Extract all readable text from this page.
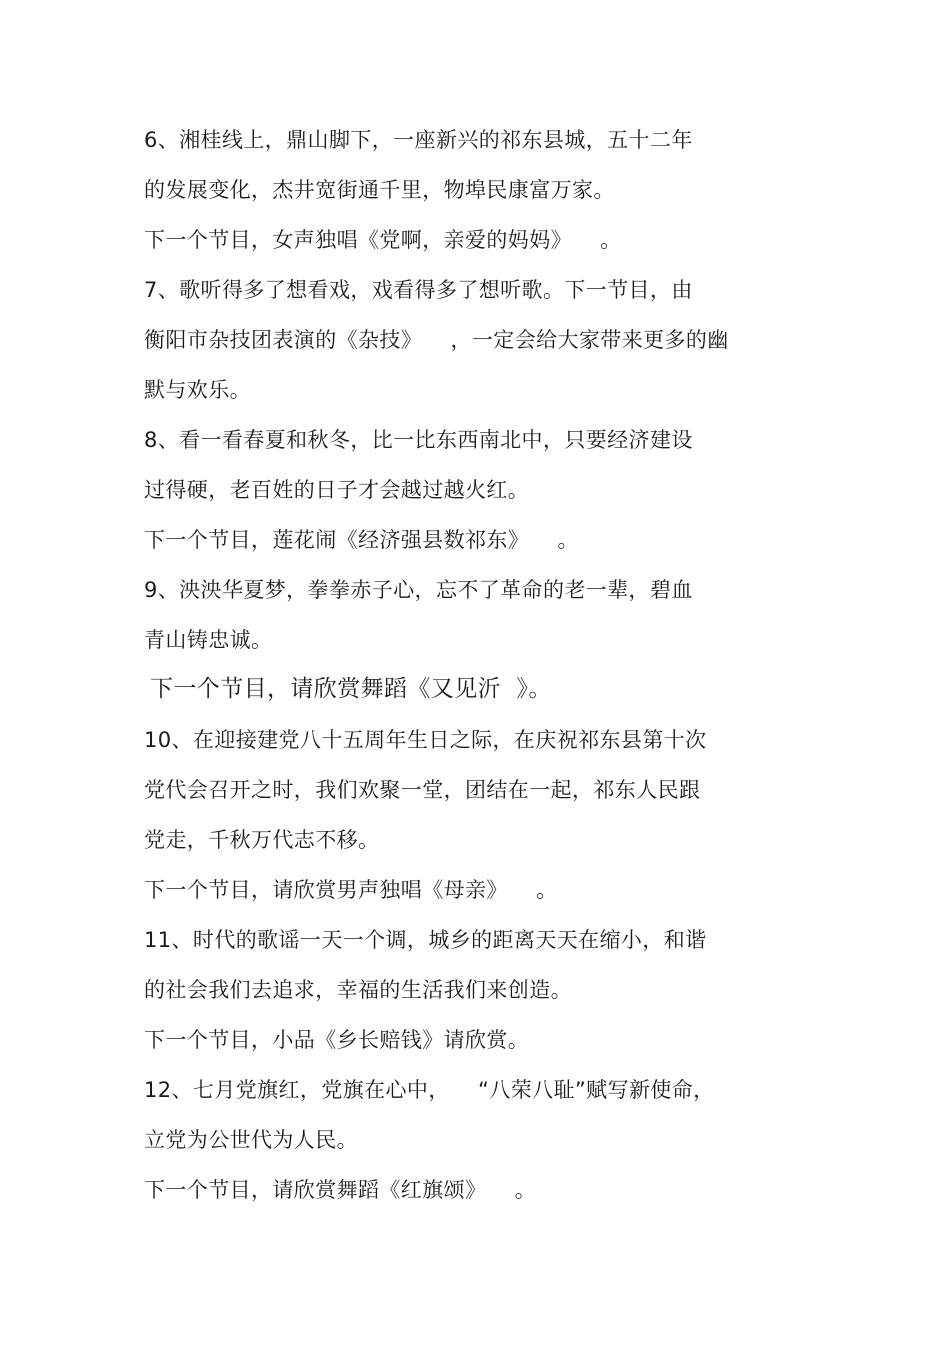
6、湘桂线上，鼎山脚下，一座新兴的祁东县城，五十二年
的发展变化，杰井宽街通千里，物埠民康富万家。
下一个节目，女声独唱《党啊，亲爱的妈妈》    。
7、歌听得多了想看戏，戏看得多了想听歌。下一节目，由
衡阳市杂技团表演的《杂技》    ，一定会给大家带来更多的幽
默与欢乐。
8、看一看春夏和秋冬，比一比东西南北中，只要经济建设
过得硬，老百姓的日子才会越过越火红。
下一个节目，莲花闹《经济强县数祁东》    。
9、泱泱华夏梦，拳拳赤子心，忘不了革命的老一辈，碧血
青山铸忠诚。
下一个节目，请欣赏舞蹈《又见沂  》。
10、在迎接建党八十五周年生日之际，在庆祝祁东县第十次
党代会召开之时，我们欢聚一堂，团结在一起，祁东人民跟
党走，千秋万代志不移。
下一个节目，请欣赏男声独唱《母亲》    。
11、时代的歌谣一天一个调，城乡的距离天天在缩小，和谐
的社会我们去追求，幸福的生活我们来创造。
下一个节目，小品《乡长赔钱》请欣赏。
12、七月党旗红，党旗在心中，    “八荣八耻”赋写新使命，
立党为公世代为人民。
下一个节目，请欣赏舞蹈《红旗颂》    。
